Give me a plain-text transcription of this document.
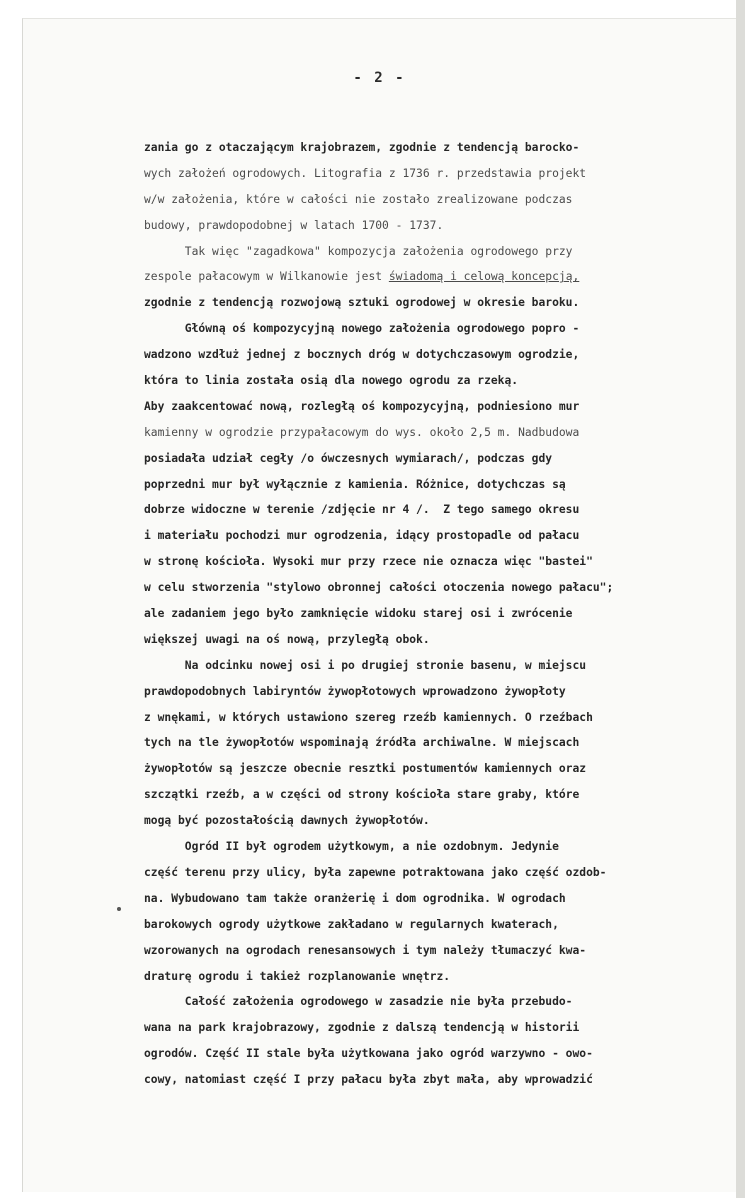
- 2 -
zania go z otaczającym krajobrazem, zgodnie z tendencją barocko-
wych założeń ogrodowych. Litografia z 1736 r. przedstawia projekt
w/w założenia, które w całości nie zostało zrealizowane podczas
budowy, prawdopodobnej w latach 1700 - 1737.
Tak więc "zagadkowa" kompozycja założenia ogrodowego przy
zespole pałacowym w Wilkanowie jest świadomą i celową koncepcją,
zgodnie z tendencją rozwojową sztuki ogrodowej w okresie baroku.
Główną oś kompozycyjną nowego założenia ogrodowego popro -
wadzono wzdłuż jednej z bocznych dróg w dotychczasowym ogrodzie,
która to linia została osią dla nowego ogrodu za rzeką.
Aby zaakcentować nową, rozległą oś kompozycyjną, podniesiono mur
kamienny w ogrodzie przypałacowym do wys. około 2,5 m. Nadbudowa
posiadała udział cegły /o ówczesnych wymiarach/, podczas gdy
poprzedni mur był wyłącznie z kamienia. Różnice, dotychczas są
dobrze widoczne w terenie /zdjęcie nr 4 /.  Z tego samego okresu
i materiału pochodzi mur ogrodzenia, idący prostopadle od pałacu
w stronę kościoła. Wysoki mur przy rzece nie oznacza więc "bastei"
w celu stworzenia "stylowo obronnej całości otoczenia nowego pałacu";
ale zadaniem jego było zamknięcie widoku starej osi i zwrócenie
większej uwagi na oś nową, przyległą obok.
Na odcinku nowej osi i po drugiej stronie basenu, w miejscu
prawdopodobnych labiryntów żywopłotowych wprowadzono żywopłoty
z wnękami, w których ustawiono szereg rzeźb kamiennych. O rzeźbach
tych na tle żywopłotów wspominają źródła archiwalne. W miejscach
żywopłotów są jeszcze obecnie resztki postumentów kamiennych oraz
szczątki rzeźb, a w części od strony kościoła stare graby, które
mogą być pozostałością dawnych żywopłotów.
Ogród II był ogrodem użytkowym, a nie ozdobnym. Jedynie
część terenu przy ulicy, była zapewne potraktowana jako część ozdob-
na. Wybudowano tam także oranżerię i dom ogrodnika. W ogrodach
barokowych ogrody użytkowe zakładano w regularnych kwaterach,
wzorowanych na ogrodach renesansowych i tym należy tłumaczyć kwa-
draturę ogrodu i takież rozplanowanie wnętrz.
Całość założenia ogrodowego w zasadzie nie była przebudo-
wana na park krajobrazowy, zgodnie z dalszą tendencją w historii
ogrodów. Część II stale była użytkowana jako ogród warzywno - owo-
cowy, natomiast część I przy pałacu była zbyt mała, aby wprowadzić
